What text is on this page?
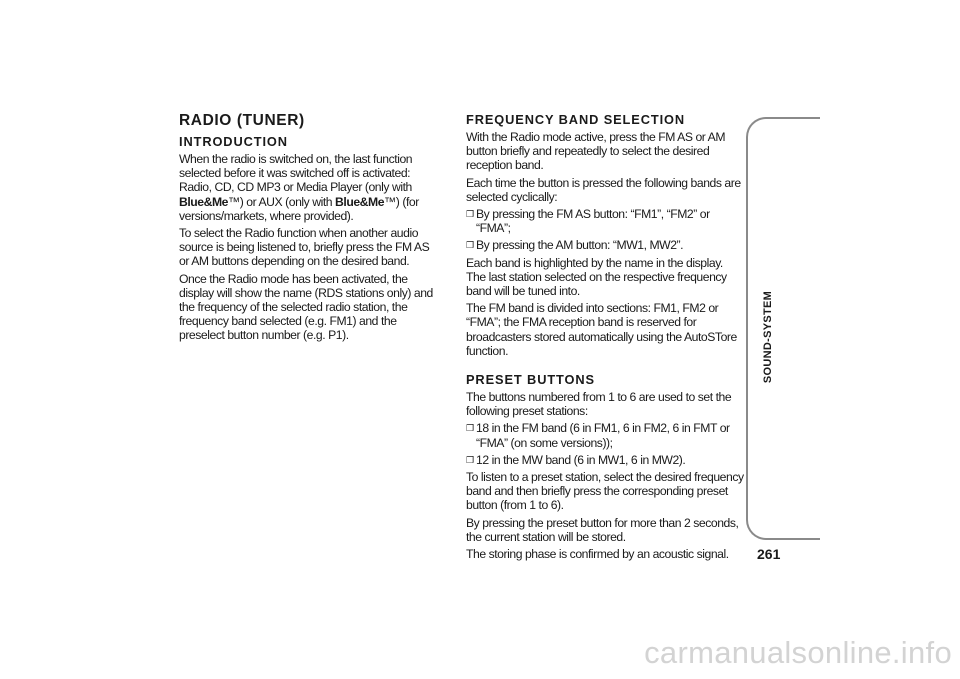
RADIO (TUNER)
INTRODUCTION

When the radio is switched on, the last function selected before it was switched off is activated: Radio, CD, CD MP3 or Media Player (only with Blue&Me™) or AUX (only with Blue&Me™) (for versions/markets, where provided).

To select the Radio function when another audio source is being listened to, briefly press the FM AS or AM buttons depending on the desired band.

Once the Radio mode has been activated, the display will show the name (RDS stations only) and the frequency of the selected radio station, the frequency band selected (e.g. FM1) and the preselect button number (e.g. P1).

FREQUENCY BAND SELECTION

With the Radio mode active, press the FM AS or AM button briefly and repeatedly to select the desired reception band.

Each time the button is pressed the following bands are selected cyclically:

❒ By pressing the FM AS button: “FM1”, “FM2” or “FMA”;
❒ By pressing the AM button: “MW1, MW2”.

Each band is highlighted by the name in the display. The last station selected on the respective frequency band will be tuned into.

The FM band is divided into sections: FM1, FM2 or “FMA”; the FMA reception band is reserved for broadcasters stored automatically using the AutoSTore function.

PRESET BUTTONS

The buttons numbered from 1 to 6 are used to set the following preset stations:

❒ 18 in the FM band (6 in FM1, 6 in FM2, 6 in FMT or “FMA” (on some versions));
❒ 12 in the MW band (6 in MW1, 6 in MW2).

To listen to a preset station, select the desired frequency band and then briefly press the corresponding preset button (from 1 to 6).

By pressing the preset button for more than 2 seconds, the current station will be stored.

The storing phase is confirmed by an acoustic signal.

SOUND-SYSTEM
261
carmanualsonline.info
